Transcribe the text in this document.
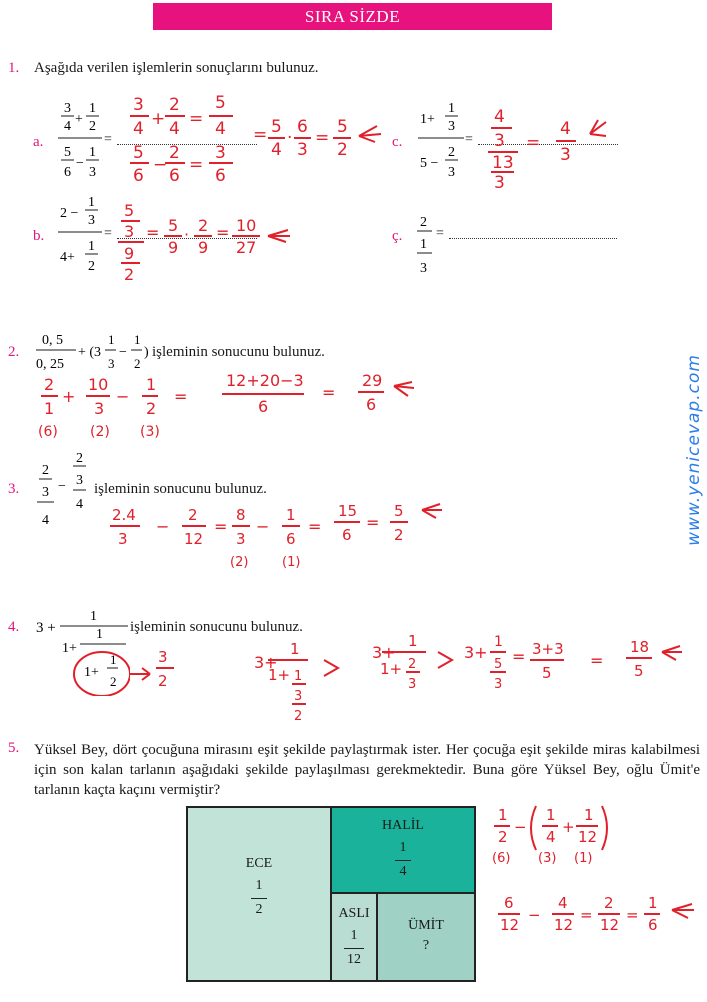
SIRA SİZDE
www.yenicevap.com
1. Aşağıda verilen işlemlerin sonuçlarını bulunuz.
a.
3
4 +
1
2
5
6
−
1
3
=
3
4 +
2
4 =
5
4
5
6
−
2
6
=
3
6
= 5
4
·
6
3
=
5
2	c.
1+
1
3
5 −
2
3
=
4
3
13
3
=
4
3
b.
2 −
1
3
4+
1
2
=
5
3
9
2
= 5
9
· 2
9
= 10
27
ç.
2
1
3
=
2.
0, 5
0, 25
+ (3
1
3
−
1
2
) işleminin sonucunu bulunuz.
2
1
+
10
3
−
1
2
=
(6) (2) (3)
12+20−3
6
=
29
6
3.
2
3
4
−
2
3
4
işleminin sonucunu bulunuz.
2.4
3
−
2
12
=
8
3
−
1
6
=
15
6
=
5
2
(2)	(1)
4. 3 +
1
1+
1
1+
1
2
işleminin sonucunu bulunuz.
3
2
3+
1
1+ 1
3
2
3+
1
1+ 2
3
3+
1
5
3
= 3+3
5
=
18
5
5. Yüksel Bey, dört çocuğuna mirasını eşit şekilde paylaştırmak ister. Her çocuğa eşit şekilde miras kalabilmesi için son kalan tarlanın aşağıdaki şekilde paylaşılması gerekmektedir. Buna göre Yüksel Bey, oğlu Ümit'e tarlanın kaçta kaçını vermiştir?
ECE
1
2
HALİL
1
4
ASLI
1
12
ÜMİT
?
1
2
−
1
4
+
1
12
(6) (3) (1)
6
12
−
4
12
=
2
12
=
1
6
